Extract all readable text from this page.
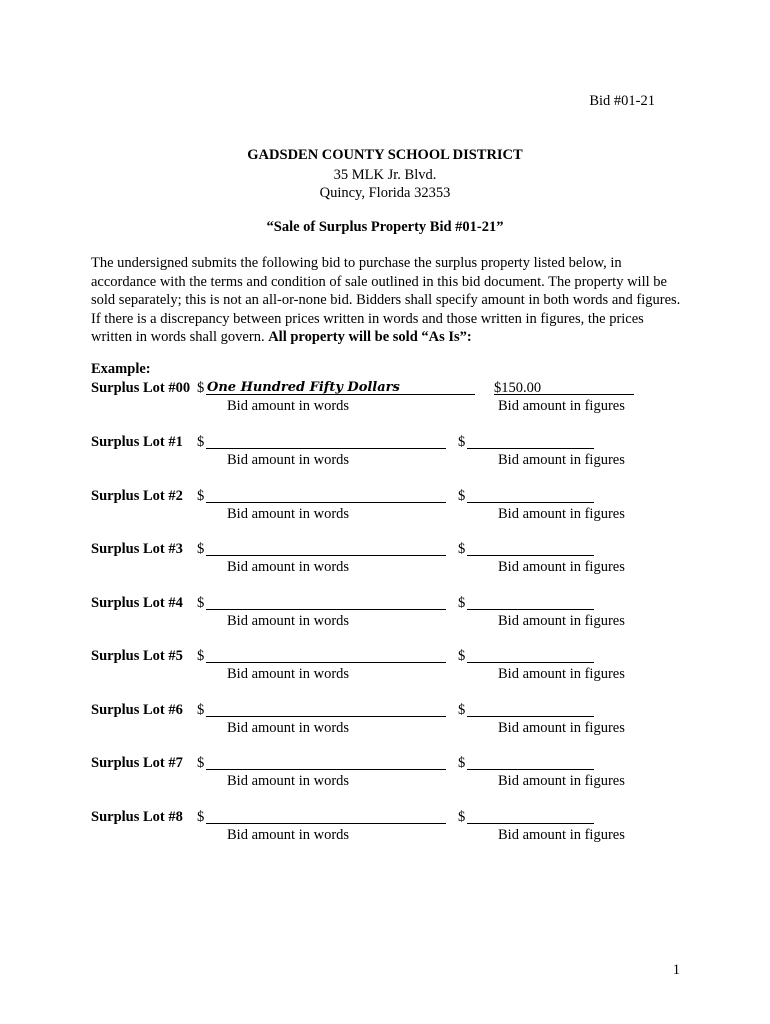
Bid #01-21
GADSDEN COUNTY SCHOOL DISTRICT
35 MLK Jr. Blvd.
Quincy, Florida 32353
“Sale of Surplus Property Bid #01-21”
The undersigned submits the following bid to purchase the surplus property listed below, in accordance with the terms and condition of sale outlined in this bid document. The property will be sold separately; this is not an all-or-none bid. Bidders shall specify amount in both words and figures. If there is a discrepancy between prices written in words and those written in figures, the prices written in words shall govern. All property will be sold “As Is”:
Example:
Surplus Lot #00 $ One Hundred Fifty Dollars	$150.00
Bid amount in words	Bid amount in figures
Surplus Lot #1 $	$
Bid amount in words	Bid amount in figures
Surplus Lot #2 $	$
Bid amount in words	Bid amount in figures
Surplus Lot #3 $	$
Bid amount in words	Bid amount in figures
Surplus Lot #4 $	$
Bid amount in words	Bid amount in figures
Surplus Lot #5 $	$
Bid amount in words	Bid amount in figures
Surplus Lot #6 $	$
Bid amount in words	Bid amount in figures
Surplus Lot #7 $	$
Bid amount in words	Bid amount in figures
Surplus Lot #8 $	$
Bid amount in words	Bid amount in figures
1
